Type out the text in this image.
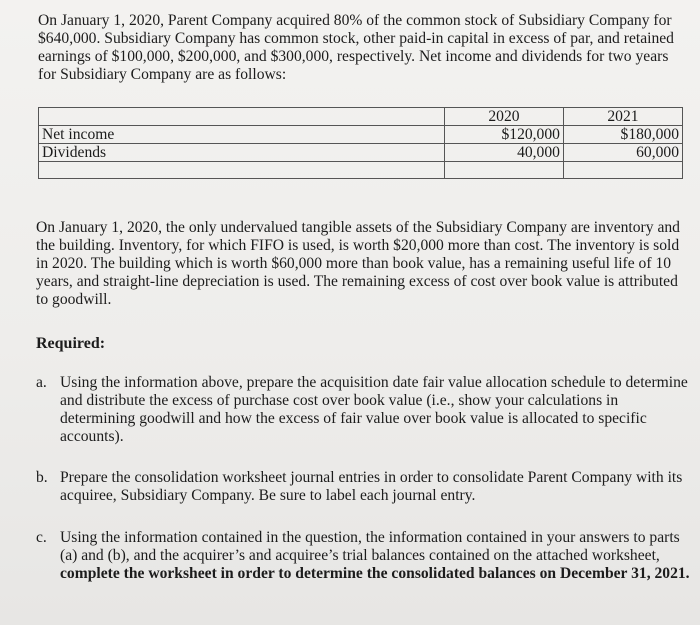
On January 1, 2020, Parent Company acquired 80% of the common stock of Subsidiary Company for $640,000. Subsidiary Company has common stock, other paid-in capital in excess of par, and retained earnings of $100,000, $200,000, and $300,000, respectively. Net income and dividends for two years for Subsidiary Company are as follows:

	2020	2021

Net income	$120,000	$180,000
Dividends	40,000	60,000

On January 1, 2020, the only undervalued tangible assets of the Subsidiary Company are inventory and the building. Inventory, for which FIFO is used, is worth $20,000 more than cost. The inventory is sold in 2020. The building which is worth $60,000 more than book value, has a remaining useful life of 10 years, and straight-line depreciation is used. The remaining excess of cost over book value is attributed to goodwill.

Required:

a. Using the information above, prepare the acquisition date fair value allocation schedule to determine and distribute the excess of purchase cost over book value (i.e., show your calculations in determining goodwill and how the excess of fair value over book value is allocated to specific accounts).
b. Prepare the consolidation worksheet journal entries in order to consolidate Parent Company with its acquiree, Subsidiary Company. Be sure to label each journal entry.
c. Using the information contained in the question, the information contained in your answers to parts (a) and (b), and the acquirer’s and acquiree’s trial balances contained on the attached worksheet, complete the worksheet in order to determine the consolidated balances on December 31, 2021.
